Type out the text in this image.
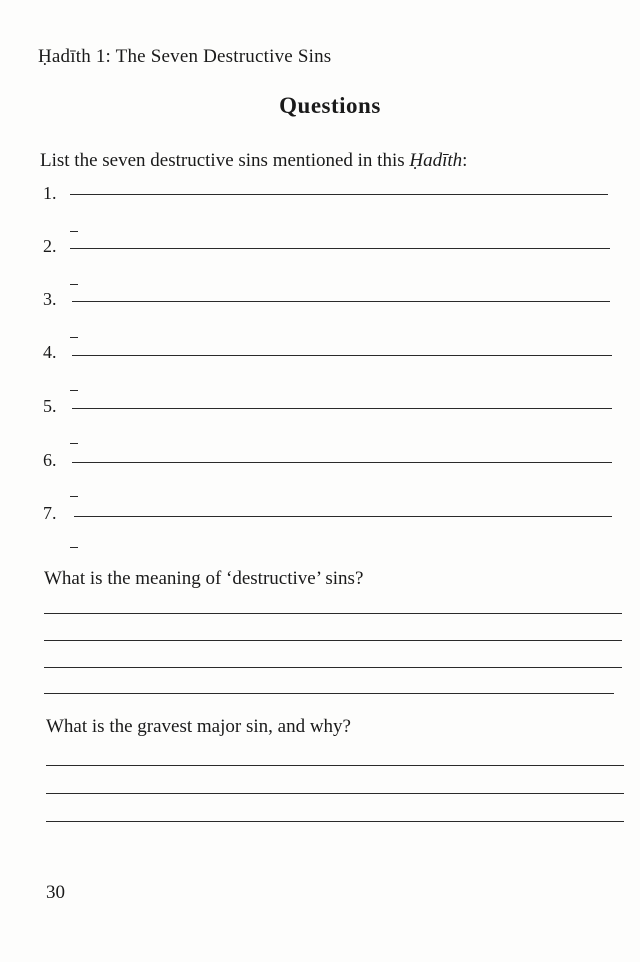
Ḥadīth 1: The Seven Destructive Sins
Questions
List the seven destructive sins mentioned in this Ḥadīth:
1.
2.
3.
4.
5.
6.
7.
What is the meaning of ‘destructive’ sins?
What is the gravest major sin, and why?
30
